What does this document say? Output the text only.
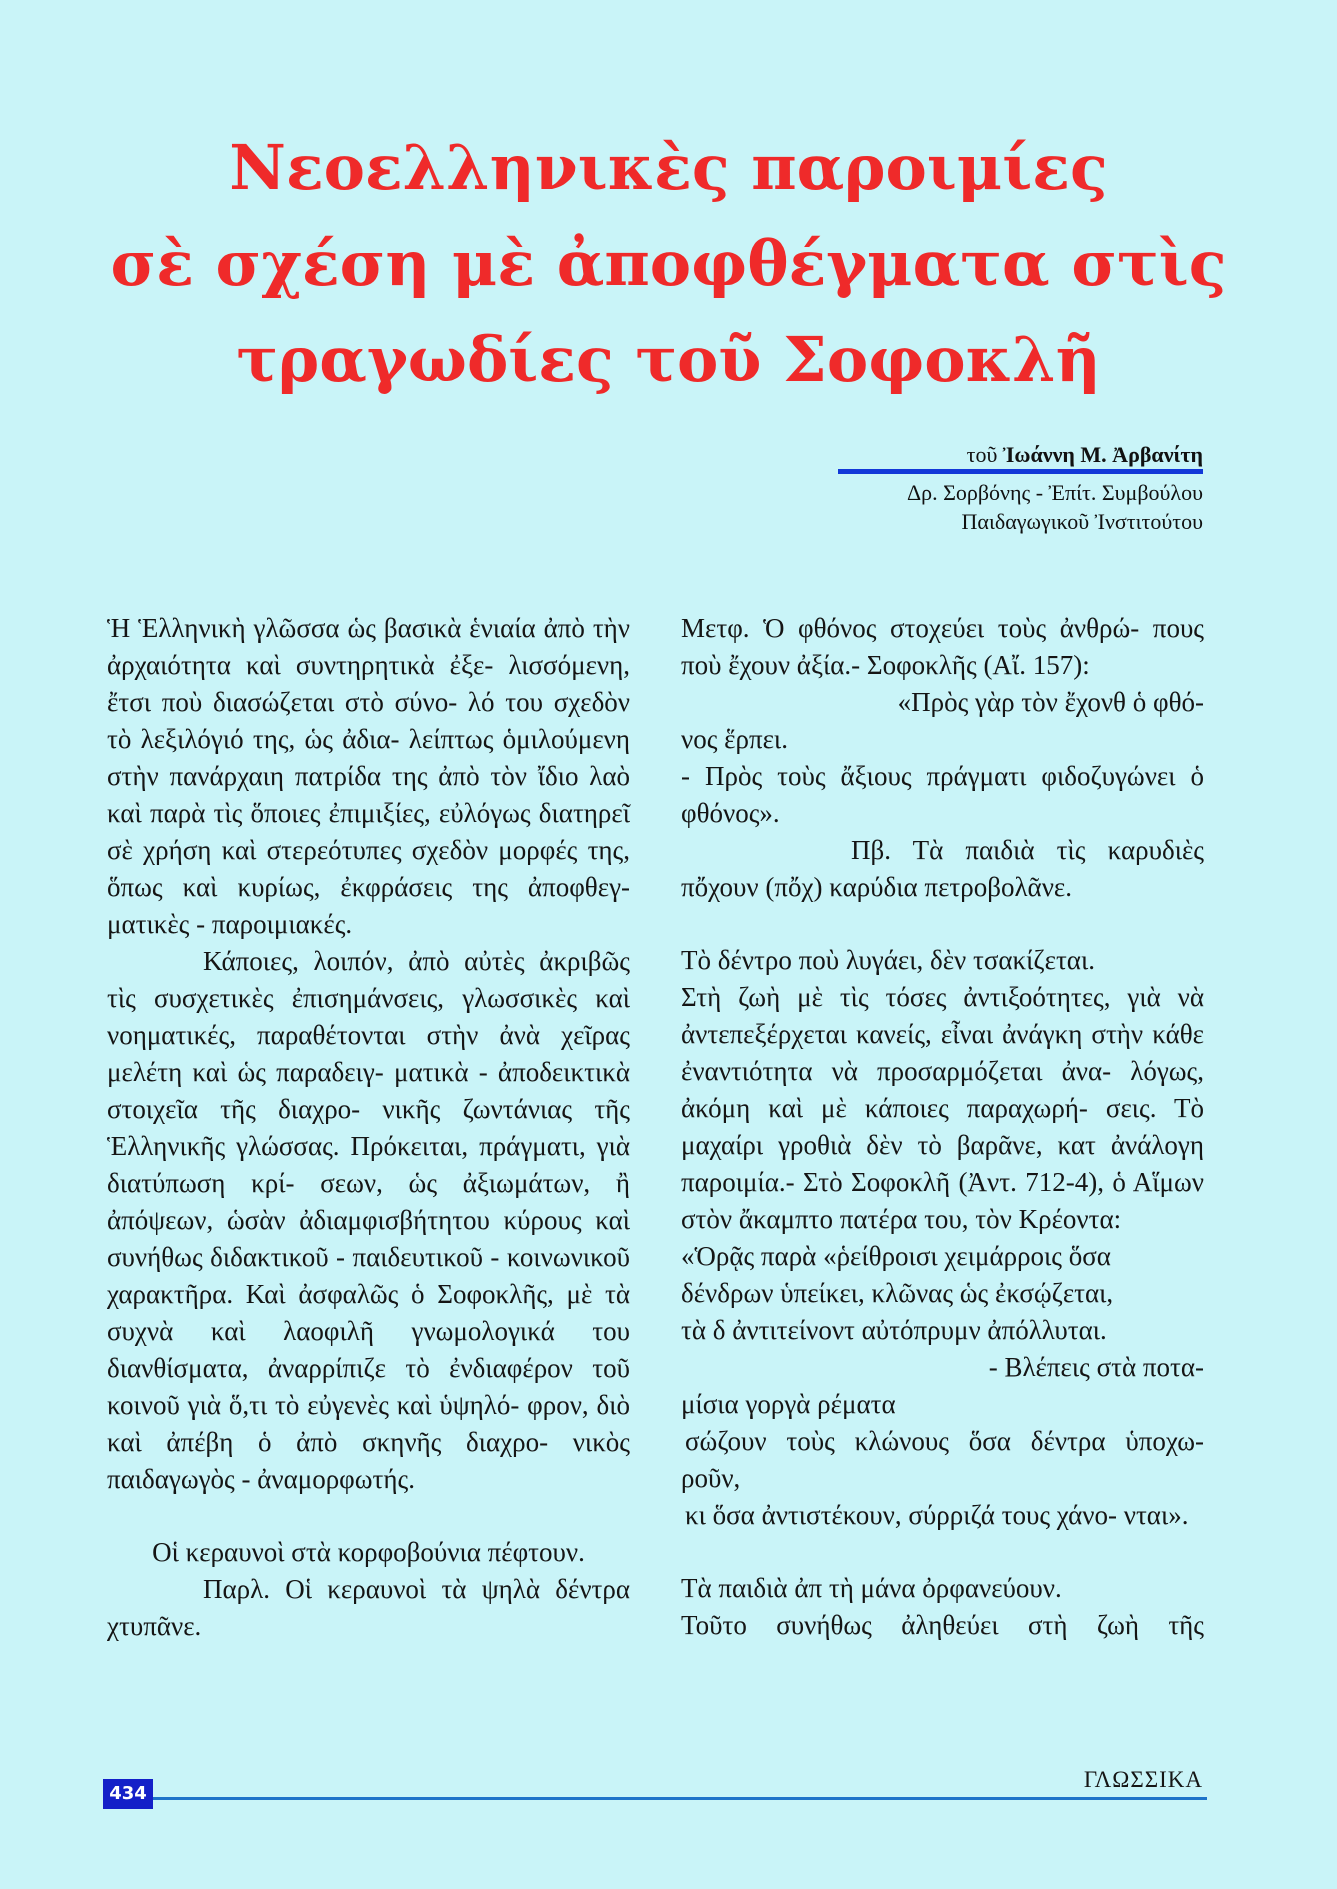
Νεοελληνικὲς παροιμίες
σὲ σχέση μὲ ἀποφθέγματα στὶς
τραγωδίες τοῦ Σοφοκλῆ
τοῦ Ἰωάννη Μ. Ἀρβανίτη
Δρ. Σορβόνης - Ἐπίτ. Συμβούλου
Παιδαγωγικοῦ Ἰνστιτούτου

Ἡ Ἑλληνικὴ γλῶσσα ὡς βασικὰ ἑνιαία ἀπὸ τὴν ἀρχαιότητα καὶ συντηρητικὰ ἐξε- λισσόμενη, ἔτσι ποὺ διασώζεται στὸ σύνο- λό του σχεδὸν τὸ λεξιλόγιό της, ὡς ἀδια- λείπτως ὁμιλούμενη στὴν πανάρχαιη πατρίδα της ἀπὸ τὸν ἴδιο λαὸ καὶ παρὰ τὶς ὅποιες ἐπιμιξίες, εὐλόγως διατηρεῖ σὲ χρήση καὶ στερεότυπες σχεδὸν μορφές της, ὅπως καὶ κυρίως, ἐκφράσεις της ἀποφθεγ- ματικὲς - παροιμιακές.

Κάποιες, λοιπόν, ἀπὸ αὐτὲς ἀκριβῶς τὶς συσχετικὲς ἐπισημάνσεις, γλωσσικὲς καὶ νοηματικές, παραθέτονται στὴν ἀνὰ χεῖρας μελέτη καὶ ὡς παραδειγ- ματικὰ - ἀποδεικτικὰ στοιχεῖα τῆς διαχρο- νικῆς ζωντάνιας τῆς Ἑλληνικῆς γλώσσας. Πρόκειται, πράγματι, γιὰ διατύπωση κρί- σεων, ὡς ἀξιωμάτων, ἢ ἀπόψεων, ὡσὰν ἀδιαμφισβήτητου κύρους καὶ συνήθως διδακτικοῦ - παιδευτικοῦ - κοινωνικοῦ χαρακτῆρα. Καὶ ἀσφαλῶς ὁ Σοφοκλῆς, μὲ τὰ συχνὰ καὶ λαοφιλῆ γνωμολογικά του διανθίσματα, ἀναρρίπιζε τὸ ἐνδιαφέρον τοῦ κοινοῦ γιὰ ὅ,τι τὸ εὐγενὲς καὶ ὑψηλό- φρον, διὸ καὶ ἀπέβη ὁ ἀπὸ σκηνῆς διαχρο- νικὸς παιδαγωγὸς - ἀναμορφωτής.

Οἱ κεραυνοὶ στὰ κορφοβούνια πέφτουν.

Παρλ. Οἱ κεραυνοὶ τὰ ψηλὰ δέντρα χτυπᾶνε.

Μετφ. Ὁ φθόνος στοχεύει τοὺς ἀνθρώ- πους ποὺ ἔχουν ἀξία.- Σοφοκλῆς (Αἴ. 157):

«Πρὸς γὰρ τὸν ἔχονθ ὁ φθό-

νος ἕρπει.

- Πρὸς τοὺς ἄξιους πράγματι φιδοζυγώνει ὁ φθόνος».

Πβ. Τὰ παιδιὰ τὶς καρυδιὲς πὄχουν (πὄχ) καρύδια πετροβολᾶνε.

Τὸ δέντρο ποὺ λυγάει, δὲν τσακίζεται.

Στὴ ζωὴ μὲ τὶς τόσες ἀντιξοότητες, γιὰ νὰ ἀντεπεξέρχεται κανείς, εἶναι ἀνάγκη στὴν κάθε ἐναντιότητα νὰ προσαρμόζεται ἀνα- λόγως, ἀκόμη καὶ μὲ κάποιες παραχωρή- σεις. Τὸ μαχαίρι γροθιὰ δὲν τὸ βαρᾶνε, κατ ἀνάλογη παροιμία.- Στὸ Σοφοκλῆ (Ἀντ. 712-4), ὁ Αἵμων στὸν ἄκαμπτο πατέρα του, τὸν Κρέοντα:

«Ὁρᾷς παρὰ «ῥείθροισι χειμάρροις ὅσα

δένδρων ὑπείκει, κλῶνας ὡς ἐκσῴζεται,

τὰ δ ἀντιτείνοντ αὐτόπρυμν ἀπόλλυται.

- Βλέπεις στὰ ποτα-

μίσια γοργὰ ρέματα

σώζουν τοὺς κλώνους ὅσα δέντρα ὑποχω- ροῦν,

κι ὅσα ἀντιστέκουν, σύρριζά τους χάνο- νται».

Τὰ παιδιὰ ἀπ τὴ μάνα ὀρφανεύουν.

Τοῦτο συνήθως ἀληθεύει στὴ ζωὴ τῆς

434
ΓΛΩΣΣΙΚΑ
